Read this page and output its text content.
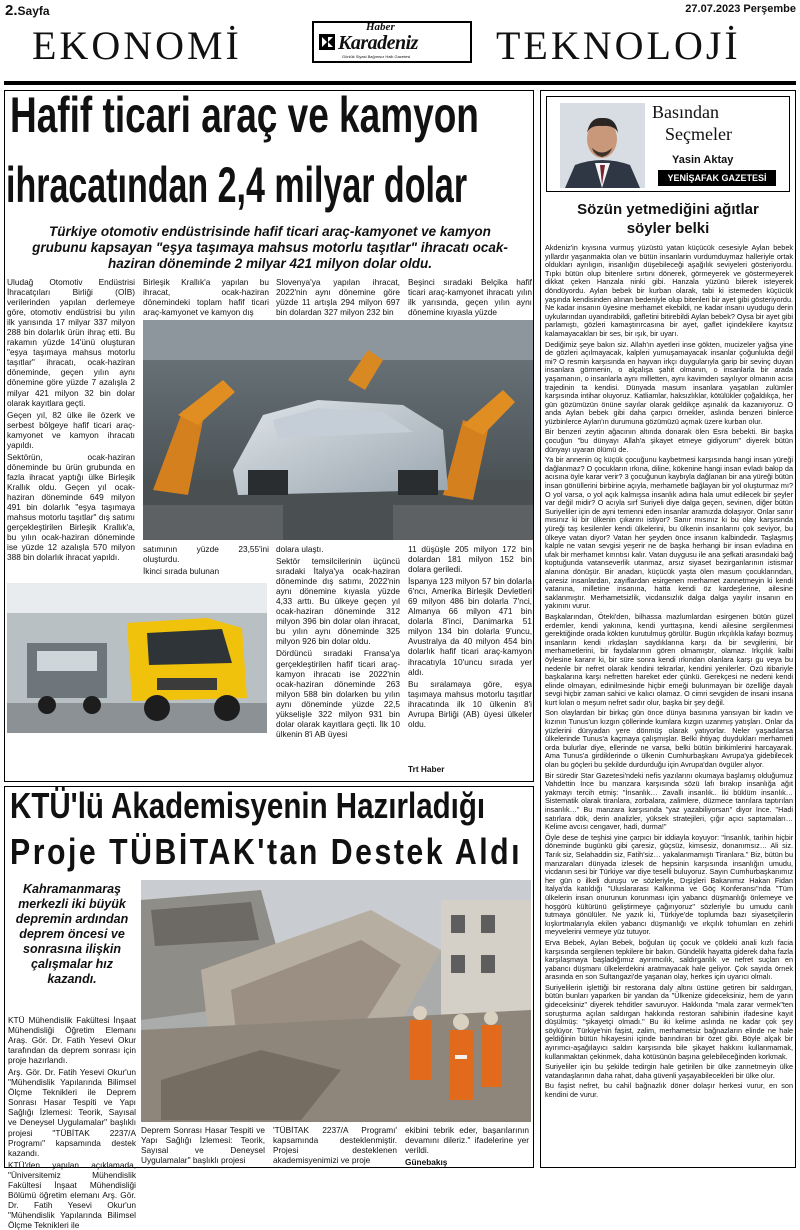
2.Sayfa	27.07.2023 Perşembe
EKONOMİ	TEKNOLOJİ
Haber
Karadeniz
Günlük Siyasi Bağımsız Halk Gazetesi
Hafif ticari araç ve kamyon
ihracatından 2,4 milyar dolar
Türkiye otomotiv endüstrisinde hafif ticari araç-kamyonet ve kamyon grubunu kapsayan "eşya taşımaya mahsus motorlu taşıtlar" ihracatı ocak-haziran döneminde 2 milyar 421 milyon dolar oldu.

Uludağ Otomotiv Endüstrisi İhracatçıları Birliği (OİB) verilerinden yapılan derlemeye göre, otomotiv endüstrisi bu yılın ilk yarısında 17 milyar 337 milyon 288 bin dolarlık ürün ihraç etti. Bu rakamın yüzde 14'ünü oluşturan "eşya taşımaya mahsus motorlu taşıtlar" ihracatı, ocak-haziran döneminde, geçen yılın aynı dönemine göre yüzde 7 azalışla 2 milyar 421 milyon 32 bin dolar olarak kayıtlara geçti.

Geçen yıl, 82 ülke ile özerk ve serbest bölgeye hafif ticari araç-kamyonet ve kamyon ihracatı yapıldı.

Sektörün, ocak-haziran döneminde bu ürün grubunda en fazla ihracat yaptığı ülke Birleşik Krallık oldu. Geçen yıl ocak-haziran döneminde 649 milyon 491 bin dolarlık "eşya taşımaya mahsus motorlu taşıtlar" dış satımı gerçekleştirilen Birleşik Krallık'a, bu yılın ocak-haziran döneminde ise yüzde 12 azalışla 570 milyon 388 bin dolarlık ihracat yapıldı.

Birleşik Krallık'a yapılan bu ihracat, ocak-haziran dönemindeki toplam hafif ticari araç-kamyonet ve kamyon dış
Slovenya'ya yapılan ihracat, 2022'nin aynı dönemine göre yüzde 11 artışla 294 milyon 697 bin dolardan 327 milyon 232 bin
Beşinci sıradaki Belçika hafif ticari araç-kamyonet ihracatı yılın ilk yarısında, geçen yılın aynı dönemine kıyasla yüzde

satımının yüzde 23,55'ini oluşturdu.

İkinci sırada bulunan

dolara ulaştı.

Sektör temsilcilerinin üçüncü sıradaki İtalya'ya ocak-haziran döneminde dış satımı, 2022'nin aynı dönemine kıyasla yüzde 4,33 arttı. Bu ülkeye geçen yıl ocak-haziran döneminde 312 milyon 396 bin dolar olan ihracat, bu yılın aynı döneminde 325 milyon 926 bin dolar oldu.

Dördüncü sıradaki Fransa'ya gerçekleştirilen hafif ticari araç-kamyon ihracatı ise 2022'nin ocak-haziran döneminde 263 milyon 588 bin dolarken bu yılın aynı döneminde yüzde 22,5 yükselişle 322 milyon 931 bin dolar olarak kayıtlara geçti. İlk 10 ülkenin 8'i AB üyesi

11 düşüşle 205 milyon 172 bin dolardan 181 milyon 152 bin dolara geriledi.

İspanya 123 milyon 57 bin dolarla 6'ncı, Amerika Birleşik Devletleri 69 milyon 486 bin dolarla 7'nci, Almanya 66 milyon 471 bin dolarla 8'inci, Danimarka 51 milyon 134 bin dolarla 9'uncu, Avustralya da 40 milyon 454 bin dolarlık hafif ticari araç-kamyon ihracatıyla 10'uncu sırada yer aldı.

Bu sıralamaya göre, eşya taşımaya mahsus motorlu taşıtlar ihracatında ilk 10 ülkenin 8'i Avrupa Birliği (AB) üyesi ülkeler oldu.

Trt Haber
KTÜ'lü Akademisyenin Hazırladığı
Proje TÜBİTAK'tan Destek Aldı
Kahramanmaraş merkezli iki büyük depremin ardından deprem öncesi ve sonrasına ilişkin çalışmalar hız kazandı.

KTÜ Mühendislik Fakültesi İnşaat Mühendisliği Öğretim Elemanı Araş. Gör. Dr. Fatih Yesevi Okur tarafından da deprem sonrası için proje hazırlandı.

Arş. Gör. Dr. Fatih Yesevi Okur'un "Mühendislik Yapılarında Bilimsel Ölçme Teknikleri ile Deprem Sonrası Hasar Tespiti ve Yapı Sağlığı İzlemesi: Teorik, Sayısal ve Deneysel Uygulamalar" başlıklı projesi "TÜBİTAK 2237/A Programı" kapsamında destek kazandı.

KTÜ'den yapılan açıklamada, "Üniversitemiz Mühendislik Fakültesi İnşaat Mühendisliği Bölümü öğretim elemanı Arş. Gör. Dr. Fatih Yesevi Okur'un "Mühendislik Yapılarında Bilimsel Ölçme Teknikleri ile

Deprem Sonrası Hasar Tespiti ve Yapı Sağlığı İzlemesi: Teorik, Sayısal ve Deneysel Uygulamalar" başlıklı projesi
'TÜBİTAK 2237/A Programı' kapsamında desteklenmiştir. Projesi desteklenen akademisyenimizi ve proje

ekibini tebrik eder, başarılarının devamını dileriz." ifadelerine yer verildi.

Günebakış

Basından
Seçmeler
Yasin Aktay
YENİŞAFAK GAZETESİ
Sözün yetmediğini ağıtlar
söyler belki

Akdeniz'in kıyısına vurmuş yüzüstü yatan küçücük cesesiyle Aylan bebek yıllardır yaşanmakta olan ve bütün insanlarin vurdumduymaz halleriyle ortak oldukları ayrılıgın, insanlığın düşebileceği aşağılık seviyeleri gösteriyordu. Tıpkı bütün olup bitenlere sırtını dönerek, görmeyerek ve göstermeyerek dikkat çeken Hanzala ninki gibi. Hanzala yüzünü bilerek isteyerek döndüyordu. Aylan bebek bir kurban olarak, tabi ki istemeden küçücük yaşında kendisinden alınan bedeniyle olup bitenleri bir ayet gibi gösteriyordu. Ne kadar insanın üyesine merhamet ekebildi, ne kadar insanı uyudugu derin uykularından uyandırabildi, gafletini bitirebildi Aylan bebek? Oysa bir ayet gibi parlamıştı, gözleri kamaştırırcasına bir ayet, gaflet içindekilere kayıtsız kalamayacakları bir ses, bir ışık, bir uyarı.

Dediğimiz şeye bakın siz. Allah'ın ayetleri inse gökten, mucizeler yağsa yine de gözleri açılmayacak, kalpleri yumuşamayacak insanlar çoğunlukta değil mi? O resmin karşısında en hayvan irkçı duygularıyla garip bir sevinç duyan insanlara görmenin, o alçalışa şahit olmanın, o insanlarla bir arada yaşamanın, o insanlarla aynı milletten, aynı kavimden sayılıyor olmanın acısı trajedinin ta kendisi. Dünyada masum insanlara yaşatılan zulümler karşısında intihar oluyoruz. Katliamlar, haksızlıklar, kötülükler çoğaldıkça, her gün gözümüzün önüne sayılar olarak geldikçe aşınalık da kazanıyoruz. O anda Aylan bebek gibi daha çarpıcı örnekler, aslında benzeri binlerce yüzbinlerce Aylan'ın durumuna gözümüzü açmak üzere kurban olur.

Bir benzeri zeytin ağacının altında donarak ölen Esra bebekti. Bir başka çocuğun "bu dünyayı Allah'a şikayet etmeye gidiyorum" diyerek bütün dünyayı uyaran ölümü de.

Ya bir annenin üç küçük çocuğunu kaybetmesi karşısında hangi insan yüreği dağlanmaz? O çocukların ırkına, diline, kökenine hangi insan evladı bakıp da acısına öyle karar verir? 3 çocuğunun kaybıyla dağlanan bir ana yüreği bütün insan gönüllerini birbirine açıyla, merhametle bağlayan bir yol oluşturmaz mı? O yol varsa, o yol açık kalmışsa insanlık adına hala umut edilecek bir şeyler var değil midir? O acıyla sırf Suriyeli diye dalga geçen, sevinen, diğer bütün Suriyeliler için de ayni temenni eden insanlar aramızda dolaşıyor. Onlar sanır mısınız ki bir ülkenin çıkarını istiyor? Sanır mısınız ki bu olay karşısında yüreği taş kesilenler kendi ülkelerini, bu ülkenin insanlarını çok seviyor, bu ülkeye vatan diyor? Vatan her şeyden önce insanın kalbindedir. Taşlaşmış kalple ne vatan sevgisi yeşerir ne de başka herhangi bir insan evladına en ufak bir merhamet kırıntısı kalır. Vatan duygusu ile ana şefkati arasındaki bağ koptuğunda vatanseverlik utanmaz, arsız siyaset bezirganlarının istismar alanına dönüşür. Bir anadan, küçücük yaşta ölen masum çocuklarından, çaresiz insanlardan, zayıflardan esirgenen merhamet zannetmeyin ki kendi vatanına, milletine insanına, hatta kendi öz kardeşlerine, ailesine saklanmıştır. Merhametsizlik, vicdansızlık dalga dalga yayılır insanın en yakınını vurur.

Başkalarından, Öteki'den, bilhassa mazlumlardan esirgenen bütün güzel erdemler, kendi yakınına, kendi yurttaşına, kendi ailesine sergilenmesi gerektiğinde orada kökten kurutulmuş görülür. Bugün ırkçılıkla kafayı bozmuş insanların kendi ırkdaşları saydıklarına karşı da bir sevgilerini, bir merhametlerini, bir faydalarının gören olmamıştır, olamaz. Irkçılık kalbi öylesine kararır ki, bir süre sonra kendi ırkından olanlara karşı gu veya bu nedenle bir nefret olarak kendini tekrarlar, kendini yenilerler. Özü itibariyle başkalarına karşı nefretten hareket eder çünkü. Gerekçesi ne nedeni kendi elinde olmayan, edinilmesinde hiçbir emeği bulunmayan bir özelliğe dayalı sevgi hiçbir zaman sahici ve kalıcı olamaz. O cimri sevgiden de insani insana kurt kılan o meşum nefret sadır olur, başka bir şey değil.

Son olaylardan bir birkaç gün önce dünya basınına yansıyan bir kadın ve kızının Tunus'un kızgın çöllerinde kumlara kızgın uzanmış yatışları. Onlar da yüzlerini dünyadan yere dönmüş olarak yatıyorlar. Neler yaşadılarsa ülkelerinde Tunus'a kaçmaya çalışmışlar. Belki ihtiyaç duydukları merhameti orda bulurlar diye, ellerinde ne varsa, belki bütün birikimlerini harcayarak. Ama Tunus'a girdiklerinde o ülkenin Cumhurbaşkanı Avrupa'ya gidebilecek olan bu göçleri bu şekilde durdurduğu için Avrupa'dan övgüler alıyor.

Bir süredir Star Gazetesi'ndeki nefis yazılarını okumaya başlamış olduğumuz Vahdettin İnce bu manzara karşısında sözü lafı bırakıp insanlığa ağıt yakmayı tercih etmiş: "İnsanlık… Zavallı insanlık.. İki büklüm insanlık… Sistematik olarak tiranlara, zorbalara, zalimlere, düzmece tanrılara taptırılan insanlık…" Bu manzara karşısında "yaz yazabiliyorsan" diyor İnce. "Hadi satırlara dök, derin analizler, yüksek stratejileri, çığır açıcı saptamaları… Kelime avcısı cengaver, hadi, durma!"

Öyle dese de teşhisi yine çarpıcı bir iddiayla koyuyor: "İnsanlık, tarihin hiçbir döneminde bugünkü gibi çaresiz, güçsüz, kimsesiz, donanımsız… Ali siz. Tarık siz, Selahaddin siz, Fatih'siz… yakalanmamıştı Tiranlara." Biz, bütün bu manzaraları dünyada izlesek de hepsinin karşısında insanlığın umudu, vicdanın sesi bir Türkiye var diye teselli buluyoruz. Sayın Cumhurbaşkanımız her gün o ilkeli duruşu ve sözleriyle, Dışişleri Bakanımız Hakan Fidan İtalya'da katıldığı "Uluslararası Kalkınma ve Göç Konferansı"nda "Tüm ülkelerin insan onurunun korunması için yabancı düşmanlığı önlemeye ve hoşgörü kültürünü geliştirmeye çağırıyoruz" sözleriyle bu umudu canlı tutmaya gönülüler. Ne yazık ki, Türkiye'de toplumda bazı siyasetçilerin kışkırtmalarıyla ekilen yabancı düşmanlığı ve ırkçılık tohumları en zehirli meyvelerini vermeye yüz tutuyor.

Erva Bebek, Aylan Bebek, boğulan üç çocuk ve çöldeki anali kızlı facia karşısında sergilenen tepkilere bir bakın. Gündelik hayatta giderek daha fazla karşılaşmaya başladığımız ayırımcılık, saldırganlık ve nefret suçları en yabancı düşmanı ülkelerdekini aratmayacak hale geliyor. Çok sayıda örnek arasında en son Sultangazi'de yaşanan olay, herkes için uyarıcı olmalı.

Suriyelilerin işlettiği bir restorana daly altını üstüne getiren bir saldırgan, bütün bunları yaparken bir yandan da "Ülkenize gideceksiniz, hem de yarın gideceksiniz" diyerek tehditler savuruyor. Hakkında "mala zarar vermek"ten soruşturma açılan saldırgan hakkında restoran sahibinin ifadesine kayıt düşülmüş: "şikayetçi olmadı." Bu iki kelime aslında ne kadar çok şey söylüyor. Türkiye'nin faşist, zalim, merhametsiz bağnazların elinde ne hale geldiğinin bütün hikayesini içinde barındıran bir özet gibi. Böyle alçak bir ayırımcı-aşağılayıcı saldırı karşısında bile şikayet hakkını kullanmamak, kullanmaktan çekinmek, daha kötüsünün başına gelebileceğinden korkmak.

Suriyeliler için bu şekilde tedirgin hale getirilen bir ülke zannetmeyin ülke vatandaşlarının daha rahat, daha güvenli yaşayabilecekleri bir ülke olur.

Bu faşist nefret, bu cahil bağnazlık döner dolaşır herkesi vurur, en son kendini de vurur.
